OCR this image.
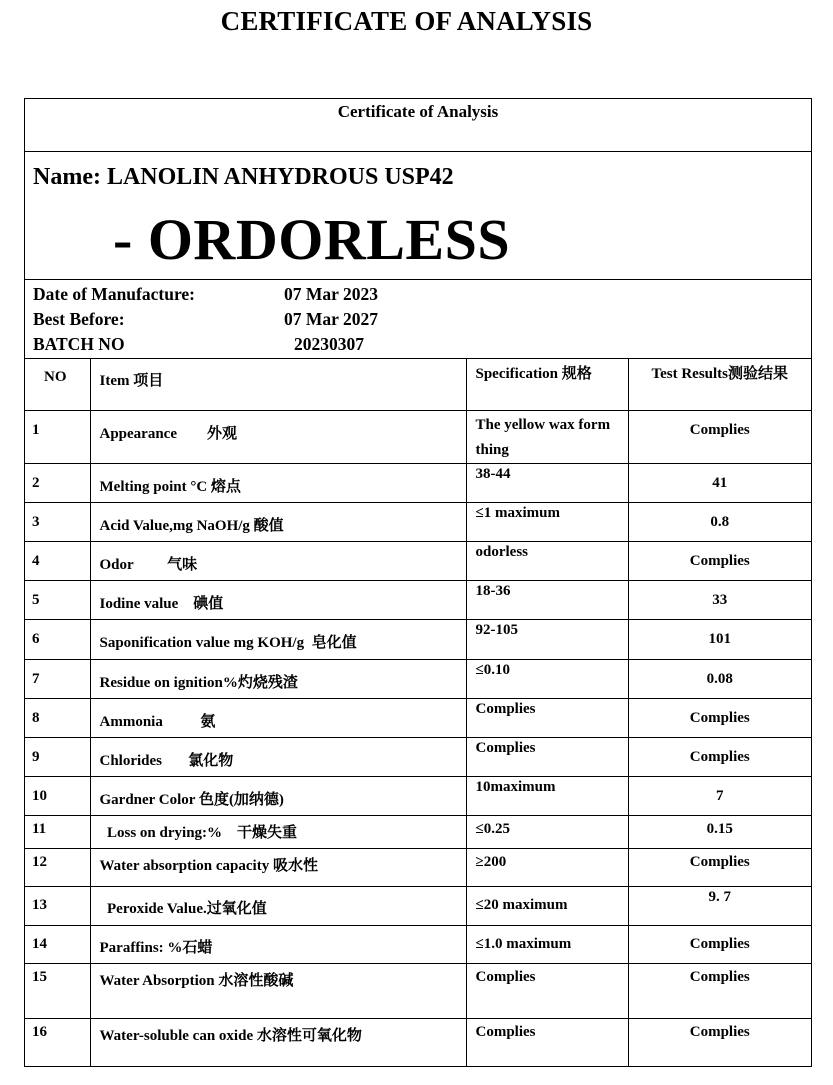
CERTIFICATE OF ANALYSIS
Certificate of Analysis
Name: LANOLIN ANHYDROUS USP42
- ORDORLESS
Date of Manufacture:	07 Mar 2023
Best Before:	07 Mar 2027
BATCH NO	20230307
NO	Item 项目	Specification 规格	Test Results测验结果
1	Appearance        外观	The yellow wax form thing	Complies
2	Melting point °C 熔点	38-44	41
3	Acid Value,mg NaOH/g 酸值	≤1 maximum	0.8
4	Odor         气味	odorless	Complies
5	Iodine value    碘值	18-36	33
6	Saponification value mg KOH/g  皂化值	92-105	101
7	Residue on ignition%灼烧残渣	≤0.10	0.08
8	Ammonia          氨	Complies	Complies
9	Chlorides       氯化物	Complies	Complies
10	Gardner Color 色度(加纳德)	10maximum	7
11	Loss on drying:%    干燥失重	≤0.25	0.15
12	Water absorption capacity 吸水性	≥200	Complies
13	Peroxide Value.过氧化值	≤20 maximum	9. 7
14	Paraffins: %石蜡	≤1.0 maximum	Complies
15	Water Absorption 水溶性酸碱	Complies	Complies
16	Water-soluble can oxide 水溶性可氧化物	Complies	Complies
